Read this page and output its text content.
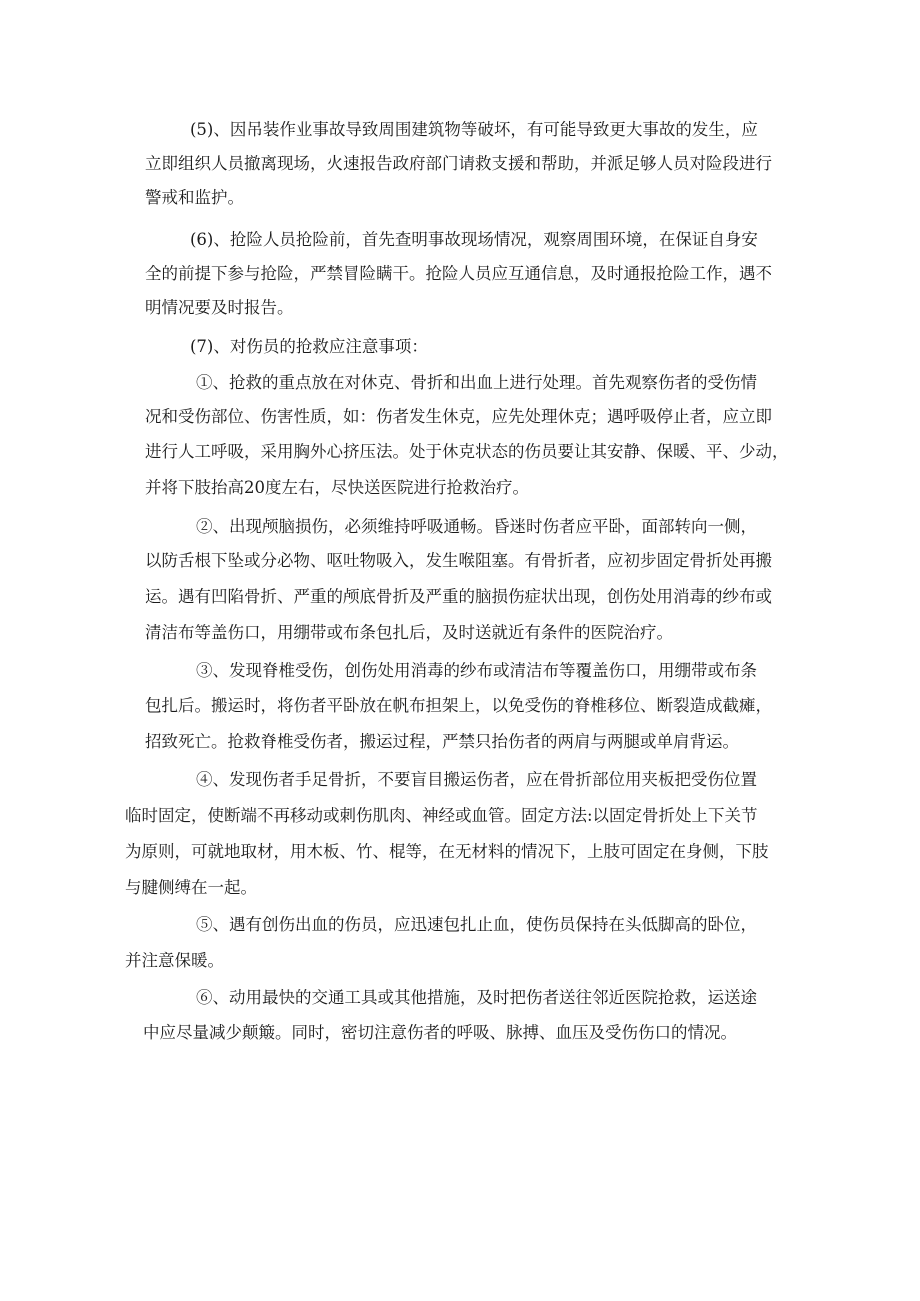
(5)、因吊装作业事故导致周围建筑物等破坏，有可能导致更大事故的发生，应
立即组织人员撤离现场，火速报告政府部门请救支援和帮助，并派足够人员对险段进行
警戒和监护。
(6)、抢险人员抢险前，首先查明事故现场情况，观察周围环境，在保证自身安
全的前提下参与抢险，严禁冒险瞒干。抢险人员应互通信息，及时通报抢险工作，遇不
明情况要及时报告。
(7)、对伤员的抢救应注意事项：
①、抢救的重点放在对休克、骨折和出血上进行处理。首先观察伤者的受伤情
况和受伤部位、伤害性质，如：伤者发生休克，应先处理休克；遇呼吸停止者，应立即
进行人工呼吸，采用胸外心挤压法。处于休克状态的伤员要让其安静、保暖、平、少动，
并将下肢抬高20度左右，尽快送医院进行抢救治疗。
②、出现颅脑损伤，必须维持呼吸通畅。昏迷时伤者应平卧，面部转向一侧，
以防舌根下坠或分必物、呕吐物吸入，发生喉阻塞。有骨折者，应初步固定骨折处再搬
运。遇有凹陷骨折、严重的颅底骨折及严重的脑损伤症状出现，创伤处用消毒的纱布或
清洁布等盖伤口，用绷带或布条包扎后，及时送就近有条件的医院治疗。
③、发现脊椎受伤，创伤处用消毒的纱布或清洁布等覆盖伤口，用绷带或布条
包扎后。搬运时，将伤者平卧放在帆布担架上，以免受伤的脊椎移位、断裂造成截瘫，
招致死亡。抢救脊椎受伤者，搬运过程，严禁只抬伤者的两肩与两腿或单肩背运。
④、发现伤者手足骨折，不要盲目搬运伤者，应在骨折部位用夹板把受伤位置
临时固定，使断端不再移动或刺伤肌肉、神经或血管。固定方法:以固定骨折处上下关节
为原则，可就地取材，用木板、竹、棍等，在无材料的情况下，上肢可固定在身侧，下肢
与腱侧缚在一起。
⑤、遇有创伤出血的伤员，应迅速包扎止血，使伤员保持在头低脚高的卧位，
并注意保暖。
⑥、动用最快的交通工具或其他措施，及时把伤者送往邻近医院抢救，运送途
中应尽量减少颠簸。同时，密切注意伤者的呼吸、脉搏、血压及受伤伤口的情况。
